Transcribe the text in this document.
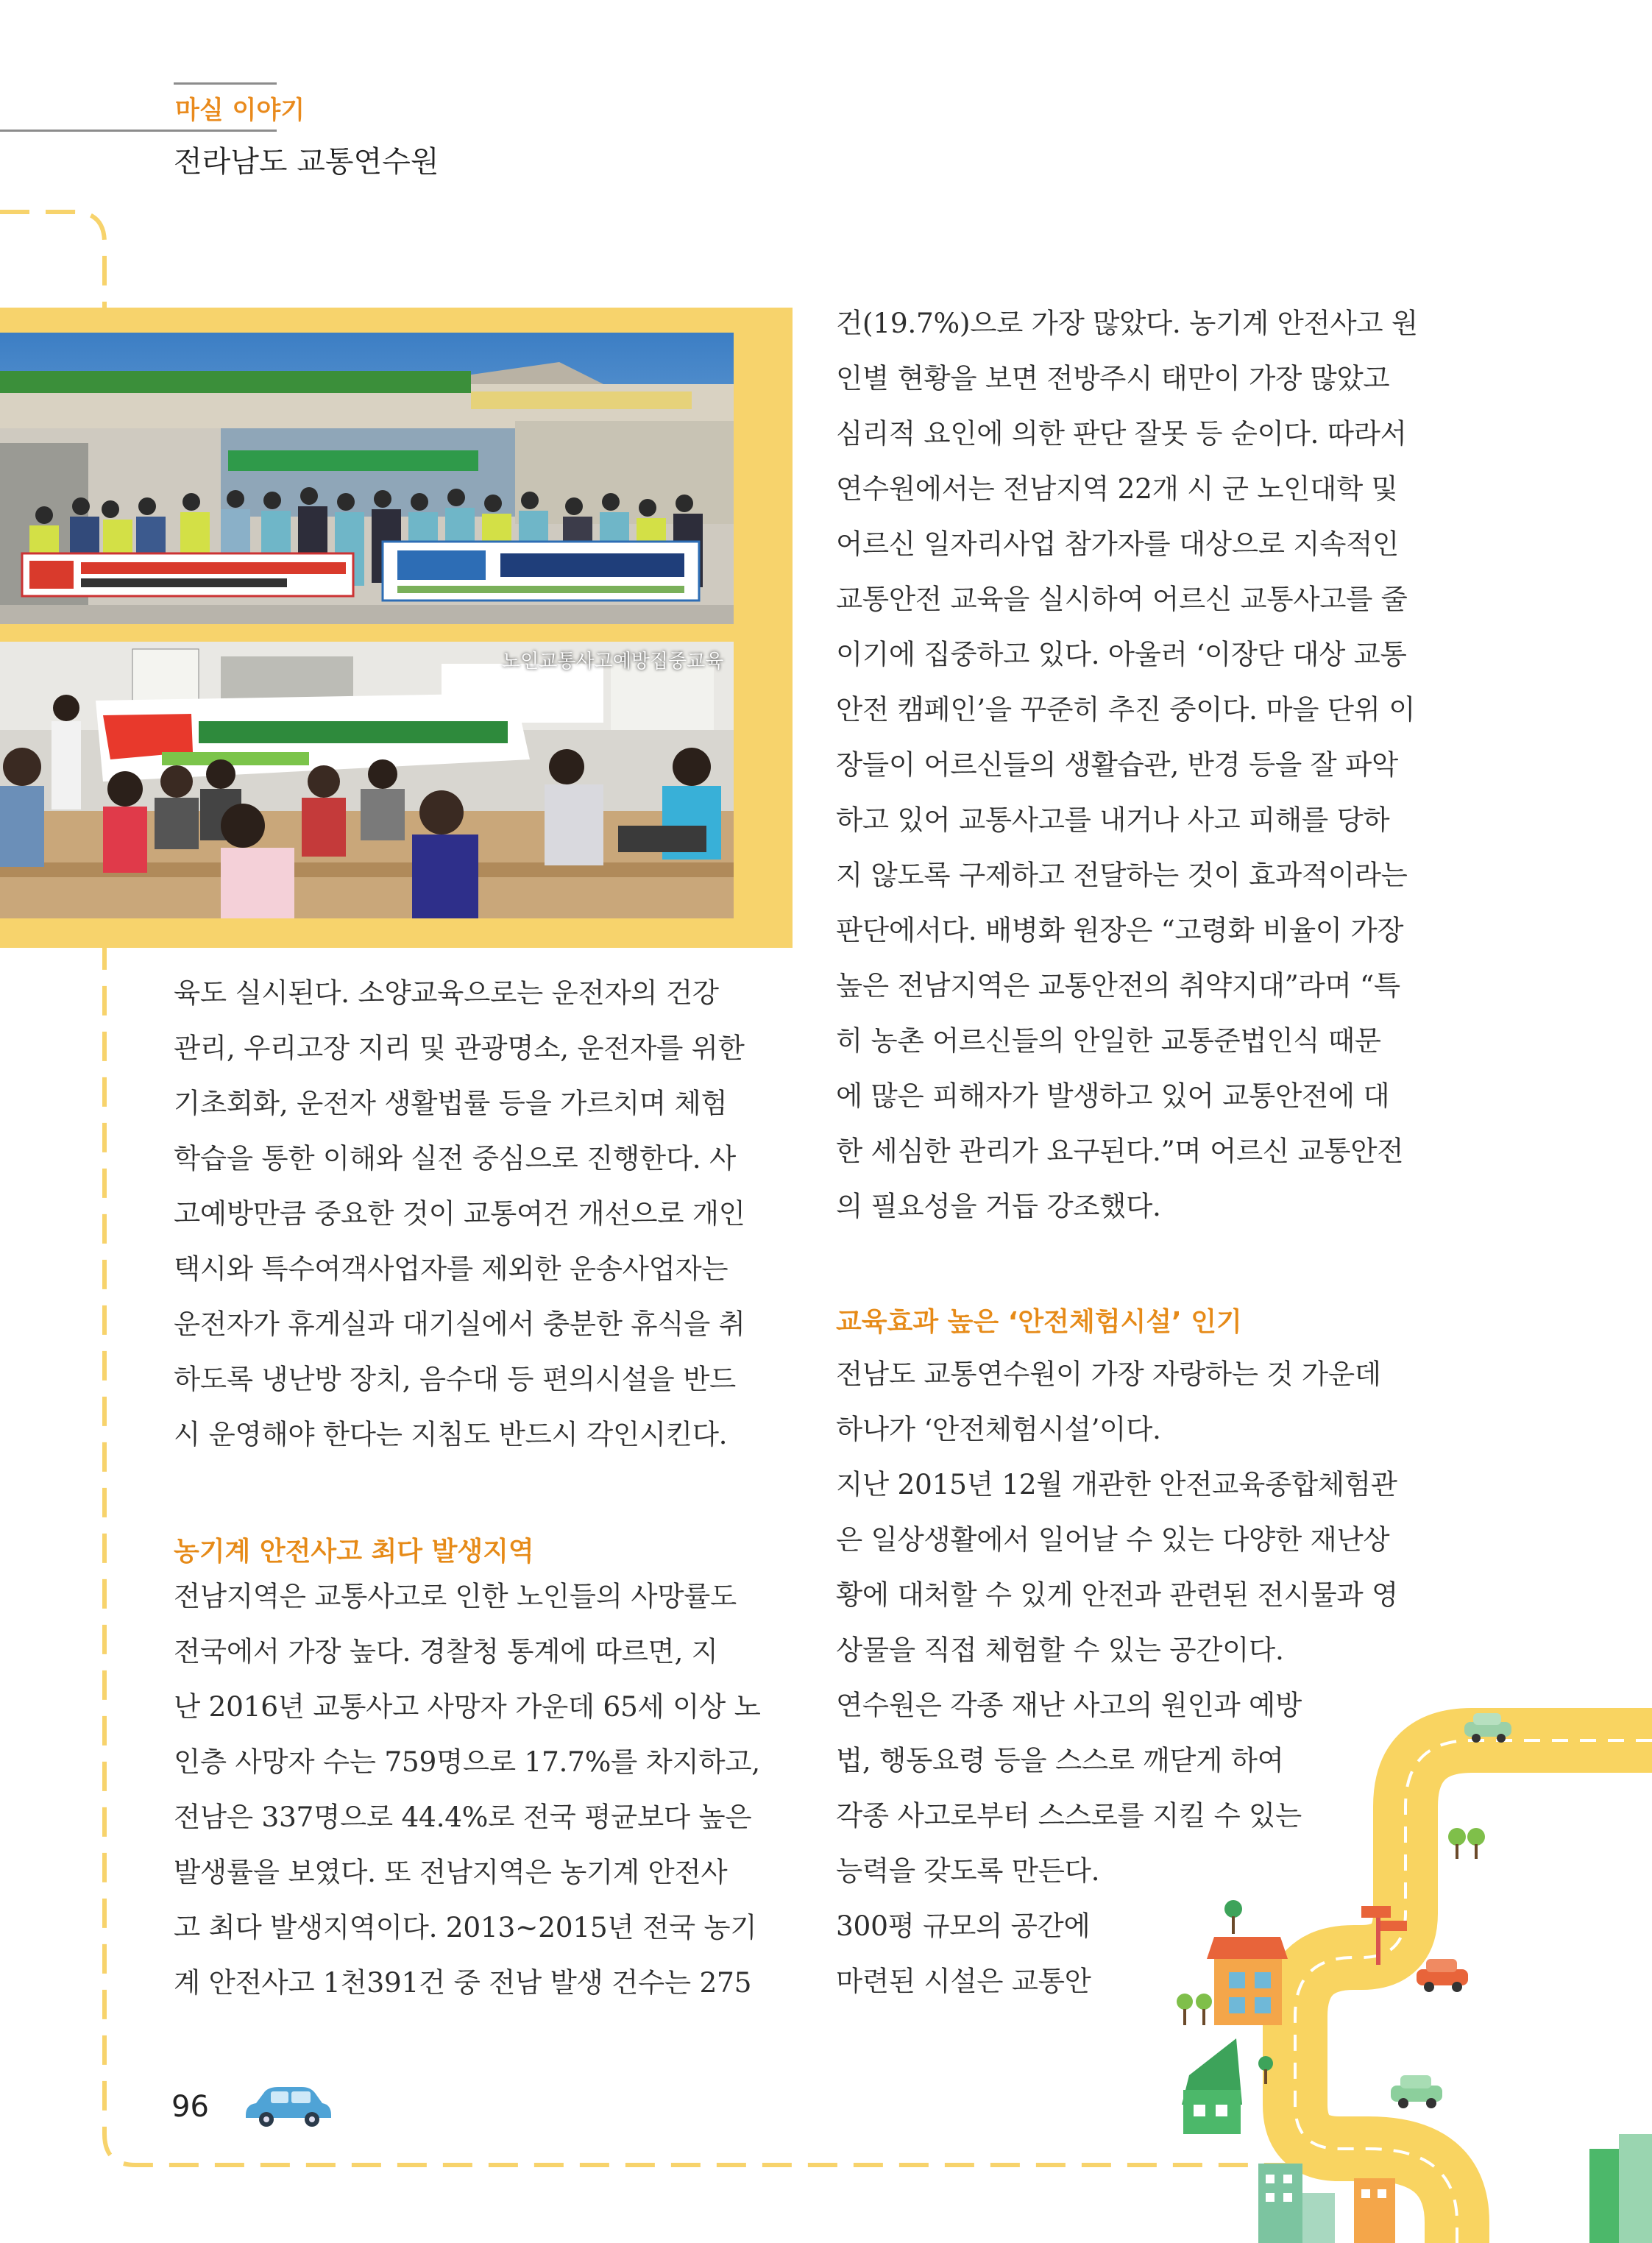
마실 이야기
전라남도 교통연수원
노인교통사고예방집중교육

육도 실시된다. 소양교육으로는 운전자의 건강

관리, 우리고장 지리 및 관광명소, 운전자를 위한

기초회화, 운전자 생활법률 등을 가르치며 체험

학습을 통한 이해와 실전 중심으로 진행한다. 사

고예방만큼 중요한 것이 교통여건 개선으로 개인

택시와 특수여객사업자를 제외한 운송사업자는

운전자가 휴게실과 대기실에서 충분한 휴식을 취

하도록 냉난방 장치, 음수대 등 편의시설을 반드

시 운영해야 한다는 지침도 반드시 각인시킨다.

농기계 안전사고 최다 발생지역

전남지역은 교통사고로 인한 노인들의 사망률도

전국에서 가장 높다. 경찰청 통계에 따르면, 지

난 2016년 교통사고 사망자 가운데 65세 이상 노

인층 사망자 수는 759명으로 17.7%를 차지하고,

전남은 337명으로 44.4%로 전국 평균보다 높은

발생률을 보였다. 또 전남지역은 농기계 안전사

고 최다 발생지역이다. 2013~2015년 전국 농기

계 안전사고 1천391건 중 전남 발생 건수는 275

건(19.7%)으로 가장 많았다. 농기계 안전사고 원

인별 현황을 보면 전방주시 태만이 가장 많았고

심리적 요인에 의한 판단 잘못 등 순이다. 따라서

연수원에서는 전남지역 22개 시 군 노인대학 및

어르신 일자리사업 참가자를 대상으로 지속적인

교통안전 교육을 실시하여 어르신 교통사고를 줄

이기에 집중하고 있다. 아울러 ‘이장단 대상 교통

안전 캠페인’을 꾸준히 추진 중이다. 마을 단위 이

장들이 어르신들의 생활습관, 반경 등을 잘 파악

하고 있어 교통사고를 내거나 사고 피해를 당하

지 않도록 구제하고 전달하는 것이 효과적이라는

판단에서다. 배병화 원장은 “고령화 비율이 가장

높은 전남지역은 교통안전의 취약지대”라며 “특

히 농촌 어르신들의 안일한 교통준법인식 때문

에 많은 피해자가 발생하고 있어 교통안전에 대

한 세심한 관리가 요구된다.”며 어르신 교통안전

의 필요성을 거듭 강조했다.

교육효과 높은 ‘안전체험시설’ 인기

전남도 교통연수원이 가장 자랑하는 것 가운데

하나가 ‘안전체험시설’이다.

지난 2015년 12월 개관한 안전교육종합체험관

은 일상생활에서 일어날 수 있는 다양한 재난상

황에 대처할 수 있게 안전과 관련된 전시물과 영

상물을 직접 체험할 수 있는 공간이다.

연수원은 각종 재난 사고의 원인과 예방

법, 행동요령 등을 스스로 깨닫게 하여

각종 사고로부터 스스로를 지킬 수 있는

능력을 갖도록 만든다.

300평 규모의 공간에

마련된 시설은 교통안

96
